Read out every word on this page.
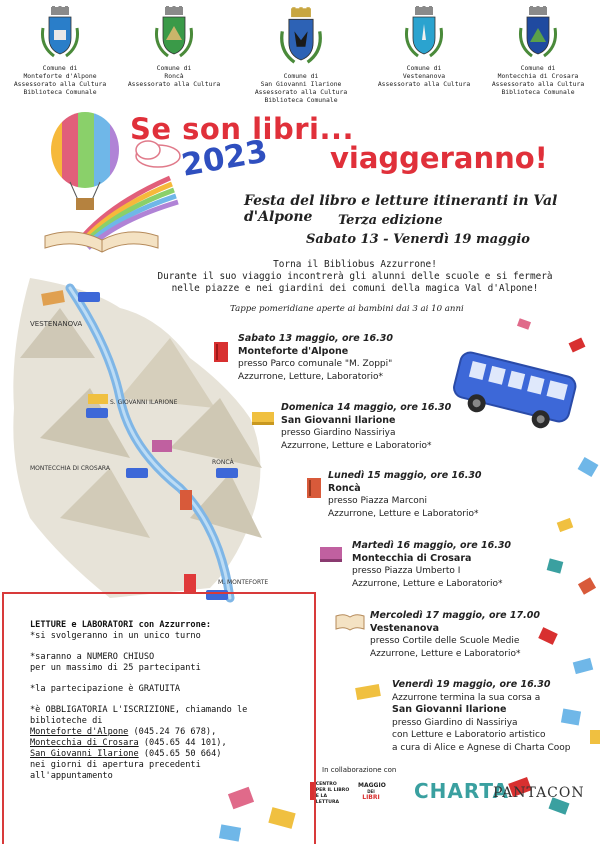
Comune di
Monteforte d'Alpone
Assessorato alla Cultura
Biblioteca Comunale
Comune di
Roncà
Assessorato alla Cultura
Comune di
San Giovanni Ilarione
Assessorato alla Cultura
Biblioteca Comunale
Comune di
Vestenanova
Assessorato alla Cultura
Comune di
Montecchia di Crosara
Assessorato alla Cultura
Biblioteca Comunale
Se son libri...
2023 viaggeranno!
Festa del libro e letture itineranti in Val d'Alpone	Terza edizione
Sabato 13 - Venerdì 19 maggio
Torna il Bibliobus Azzurrone!
Durante il suo viaggio incontrerà gli alunni delle scuole e si fermerà
nelle piazze e nei giardini dei comuni della magica Val d'Alpone!
Tappe pomeridiane aperte ai bambini dai 3 ai 10 anni
VESTENANOVA
S. GIOVANNI ILARIONE
MONTECCHIA DI CROSARA
RONCÀ
M. MONTEFORTE
Sabato 13 maggio, ore 16.30
Monteforte d'Alpone
presso Parco comunale "M. Zoppi"
Azzurrone, Letture, Laboratorio*
Domenica 14 maggio, ore 16.30
San Giovanni Ilarione
presso Giardino Nassiriya
Azzurrone, Letture e Laboratorio*
Lunedì 15 maggio, ore 16.30
Roncà
presso Piazza Marconi
Azzurrone, Letture e Laboratorio*
Martedì 16 maggio, ore 16.30
Montecchia di Crosara
presso Piazza Umberto I
Azzurrone, Letture e Laboratorio*
Mercoledì 17 maggio, ore 17.00
Vestenanova
presso Cortile delle Scuole Medie
Azzurrone, Letture e Laboratorio*
Venerdì 19 maggio, ore 16.30
Azzurrone termina la sua corsa a
San Giovanni Ilarione
presso Giardino di Nassiriya
con Letture e Laboratorio artistico
a cura di Alice e Agnese di Charta Coop
LETTURE e LABORATORI con Azzurrone:
*si svolgeranno in un unico turno
*saranno a NUMERO CHIUSO
per un massimo di 25 partecipanti
*la partecipazione è GRATUITA
*è OBBLIGATORIA L'ISCRIZIONE, chiamando le
biblioteche di
Monteforte d'Alpone (045.24 76 678),
Montecchia di Crosara (045.65 44 101),
San Giovanni Ilarione (045.65 50 664)
nei giorni di apertura precedenti
all'appuntamento
In collaborazione con
CENTRO
PER IL LIBRO
E LA LETTURA
MAGGIO
DEI
LIBRI CHARTA
PANTACON
